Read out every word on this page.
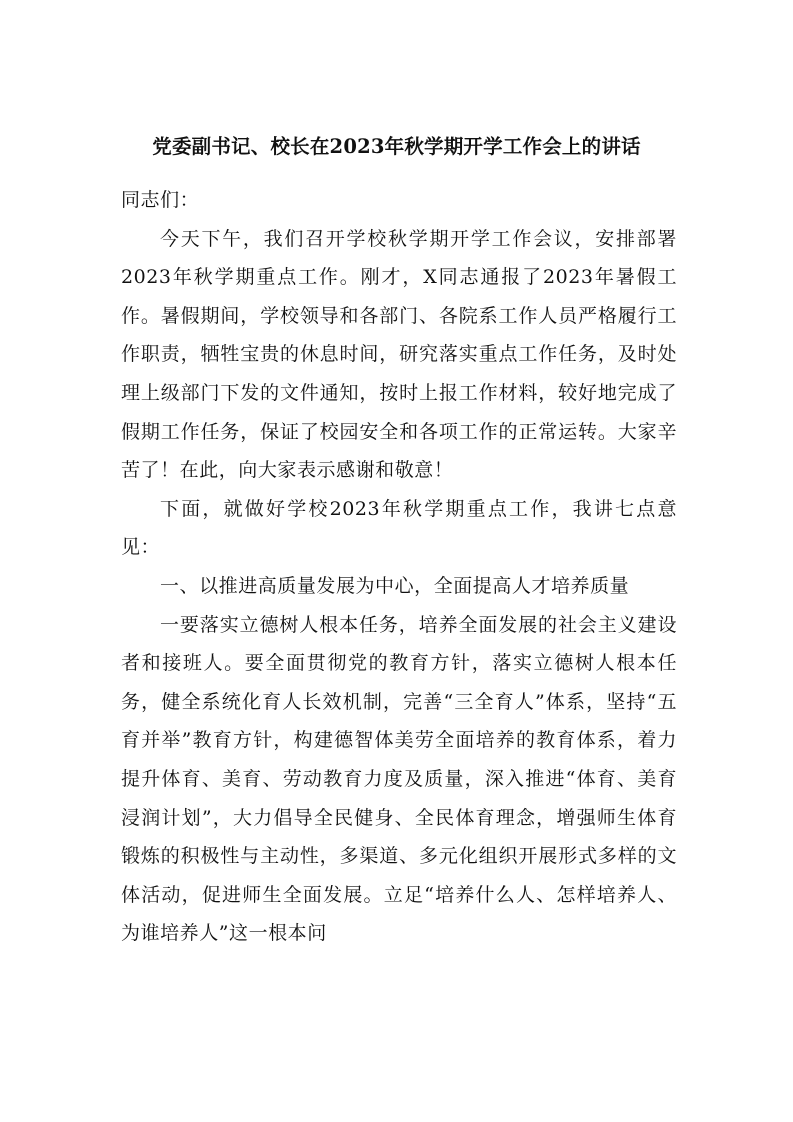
党委副书记、校长在2023年秋学期开学工作会上的讲话

同志们：

今天下午，我们召开学校秋学期开学工作会议，安排部署2023年秋学期重点工作。刚才，X同志通报了2023年暑假工作。暑假期间，学校领导和各部门、各院系工作人员严格履行工作职责，牺牲宝贵的休息时间，研究落实重点工作任务，及时处理上级部门下发的文件通知，按时上报工作材料，较好地完成了假期工作任务，保证了校园安全和各项工作的正常运转。大家辛苦了！在此，向大家表示感谢和敬意！

下面，就做好学校2023年秋学期重点工作，我讲七点意见：

一、以推进高质量发展为中心，全面提高人才培养质量

一要落实立德树人根本任务，培养全面发展的社会主义建设者和接班人。要全面贯彻党的教育方针，落实立德树人根本任务，健全系统化育人长效机制，完善“三全育人”体系，坚持“五育并举”教育方针，构建德智体美劳全面培养的教育体系，着力提升体育、美育、劳动教育力度及质量，深入推进“体育、美育浸润计划”，大力倡导全民健身、全民体育理念，增强师生体育锻炼的积极性与主动性，多渠道、多元化组织开展形式多样的文体活动，促进师生全面发展。立足“培养什么人、怎样培养人、为谁培养人”这一根本问
